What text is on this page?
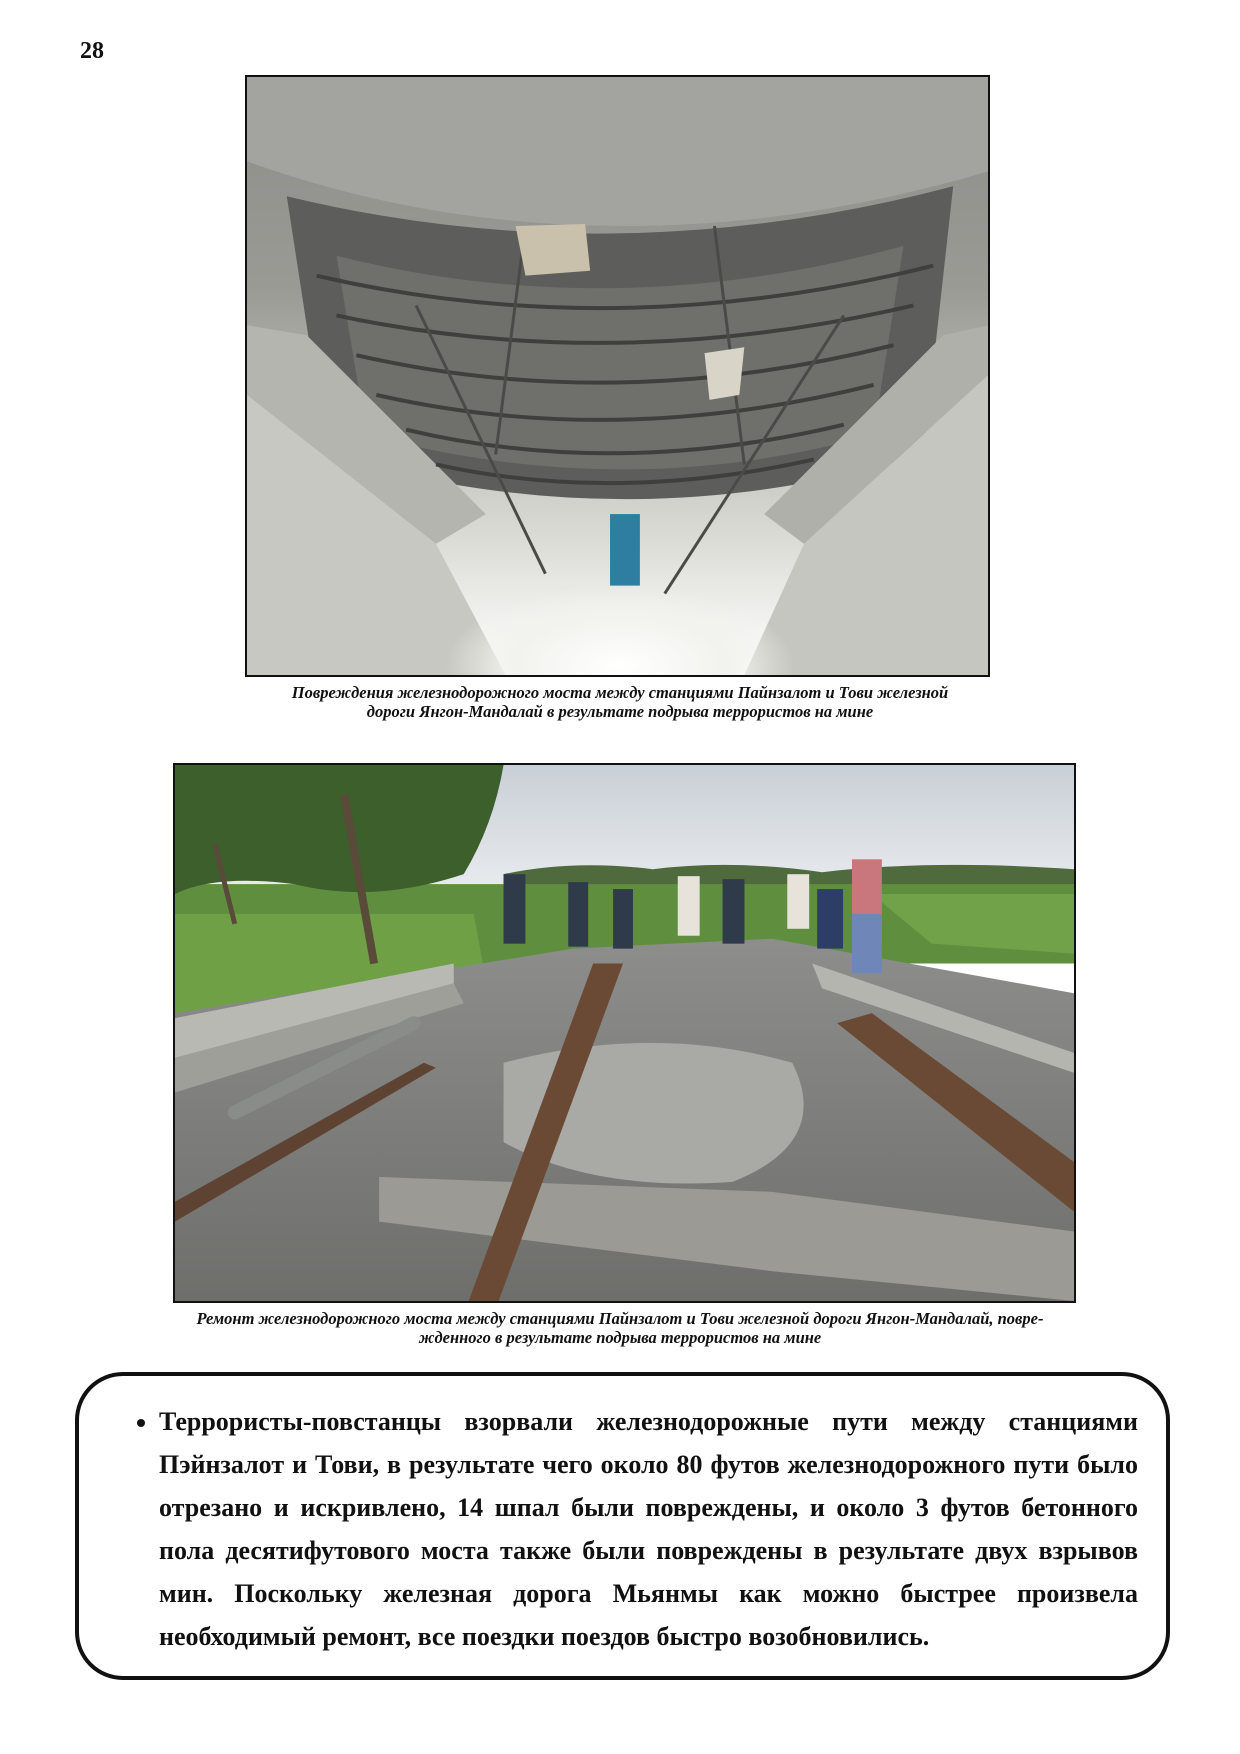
28
Повреждения железнодорожного моста между станциями Пайнзалот и Тови железной
дороги Янгон-Мандалай в результате подрыва террористов на мине
Ремонт железнодорожного моста между станциями Пайнзалот и Тови железной дороги Янгон-Мандалай, повре-
жденного в результате подрыва террористов на мине
• Террористы-повстанцы взорвали железнодорожные пути между станциями Пэйнзалот и Тови, в результате чего около 80 футов железнодорожного пути было отрезано и искривлено, 14 шпал были повреждены, и около 3 футов бетонного пола десятифутового моста также были повреждены в результате двух взрывов мин. Поскольку железная дорога Мьянмы как можно быстрее произвела необходимый ремонт, все поездки поездов быстро возобновились.
